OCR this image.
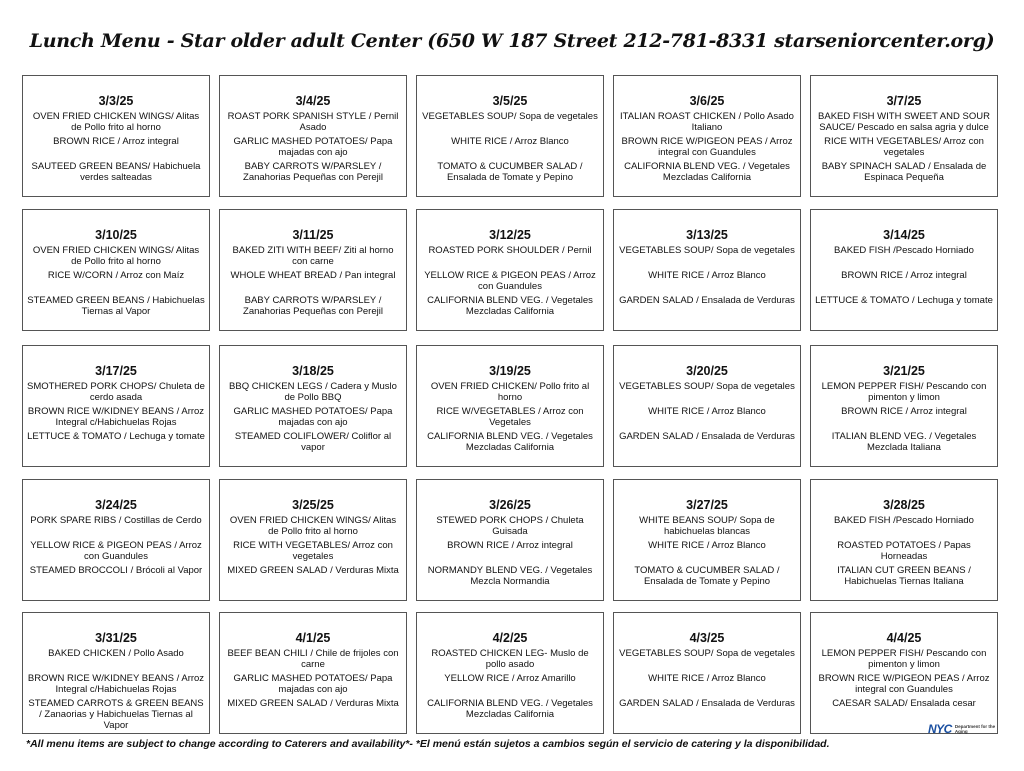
Lunch Menu - Star older adult Center (650 W 187 Street 212-781-8331 starseniorcenter.org)
3/3/25
OVEN FRIED CHICKEN WINGS/ Alitas de Pollo frito al horno
BROWN RICE / Arroz integral
SAUTEED GREEN BEANS/ Habichuela verdes salteadas
3/4/25
ROAST PORK SPANISH STYLE / Pernil Asado
GARLIC MASHED POTATOES/ Papa majadas con ajo
BABY CARROTS W/PARSLEY / Zanahorias Pequeñas con Perejil
3/5/25
VEGETABLES SOUP/ Sopa de vegetales
WHITE RICE / Arroz Blanco
TOMATO & CUCUMBER SALAD / Ensalada de Tomate y Pepino
3/6/25
ITALIAN ROAST CHICKEN / Pollo Asado Italiano
BROWN RICE W/PIGEON PEAS / Arroz integral con Guandules
CALIFORNIA BLEND VEG. / Vegetales Mezcladas California
3/7/25
BAKED FISH WITH SWEET AND SOUR SAUCE/ Pescado en salsa agria y dulce
RICE WITH VEGETABLES/ Arroz con vegetales
BABY SPINACH SALAD / Ensalada de Espinaca Pequeña
3/10/25
OVEN FRIED CHICKEN WINGS/ Alitas de Pollo frito al horno
RICE W/CORN / Arroz con Maíz
STEAMED GREEN BEANS / Habichuelas Tiernas al Vapor
3/11/25
BAKED ZITI WITH BEEF/ Ziti al horno con carne
WHOLE WHEAT BREAD / Pan integral
BABY CARROTS W/PARSLEY / Zanahorias Pequeñas con Perejil
3/12/25
ROASTED PORK SHOULDER / Pernil
YELLOW RICE & PIGEON PEAS / Arroz con Guandules
CALIFORNIA BLEND VEG. / Vegetales Mezcladas California
3/13/25
VEGETABLES SOUP/ Sopa de vegetales
WHITE RICE / Arroz Blanco
GARDEN SALAD / Ensalada de Verduras
3/14/25
BAKED FISH /Pescado Horniado
BROWN RICE / Arroz integral
LETTUCE & TOMATO / Lechuga y tomate
3/17/25
SMOTHERED PORK CHOPS/ Chuleta de cerdo asada
BROWN RICE W/KIDNEY BEANS / Arroz Integral c/Habichuelas Rojas
LETTUCE & TOMATO / Lechuga y tomate
3/18/25
BBQ CHICKEN LEGS / Cadera y Muslo de Pollo BBQ
GARLIC MASHED POTATOES/ Papa majadas con ajo
STEAMED COLIFLOWER/ Coliflor al vapor
3/19/25
OVEN FRIED CHICKEN/ Pollo frito al horno
RICE W/VEGETABLES / Arroz con Vegetales
CALIFORNIA BLEND VEG. / Vegetales Mezcladas California
3/20/25
VEGETABLES SOUP/ Sopa de vegetales
WHITE RICE / Arroz Blanco
GARDEN SALAD / Ensalada de Verduras
3/21/25
LEMON PEPPER FISH/ Pescando con pimenton y limon
BROWN RICE / Arroz integral
ITALIAN BLEND VEG. / Vegetales Mezclada Italiana
3/24/25
PORK SPARE RIBS / Costillas de Cerdo
YELLOW RICE & PIGEON PEAS / Arroz con Guandules
STEAMED BROCCOLI / Brócoli al Vapor
3/25/25
OVEN FRIED CHICKEN WINGS/ Alitas de Pollo frito al horno
RICE WITH VEGETABLES/ Arroz con vegetales
MIXED GREEN SALAD / Verduras Mixta
3/26/25
STEWED PORK CHOPS / Chuleta Guisada
BROWN RICE / Arroz integral
NORMANDY BLEND VEG. / Vegetales Mezcla Normandia
3/27/25
WHITE BEANS SOUP/ Sopa de habichuelas blancas
WHITE RICE / Arroz Blanco
TOMATO & CUCUMBER SALAD / Ensalada de Tomate y Pepino
3/28/25
BAKED FISH /Pescado Horniado
ROASTED POTATOES / Papas Horneadas
ITALIAN CUT GREEN BEANS / Habichuelas Tiernas Italiana
3/31/25
BAKED CHICKEN / Pollo Asado
BROWN RICE W/KIDNEY BEANS / Arroz Integral c/Habichuelas Rojas
STEAMED CARROTS & GREEN BEANS / Zanaorias y Habichuelas Tiernas al Vapor
4/1/25
BEEF BEAN CHILI / Chile de frijoles con carne
GARLIC MASHED POTATOES/ Papa majadas con ajo
MIXED GREEN SALAD / Verduras Mixta
4/2/25
ROASTED CHICKEN LEG- Muslo de pollo asado
YELLOW RICE / Arroz Amarillo
CALIFORNIA BLEND VEG. / Vegetales Mezcladas California
4/3/25
VEGETABLES SOUP/ Sopa de vegetales
WHITE RICE / Arroz Blanco
GARDEN SALAD / Ensalada de Verduras
4/4/25
LEMON PEPPER FISH/ Pescando con pimenton y limon
BROWN RICE W/PIGEON PEAS / Arroz integral con Guandules
CAESAR SALAD/ Ensalada cesar
NYC Department for the Aging
*All menu items are subject to change according to Caterers and availability*- *El menú están sujetos a cambios según el servicio de catering y la disponibilidad.
